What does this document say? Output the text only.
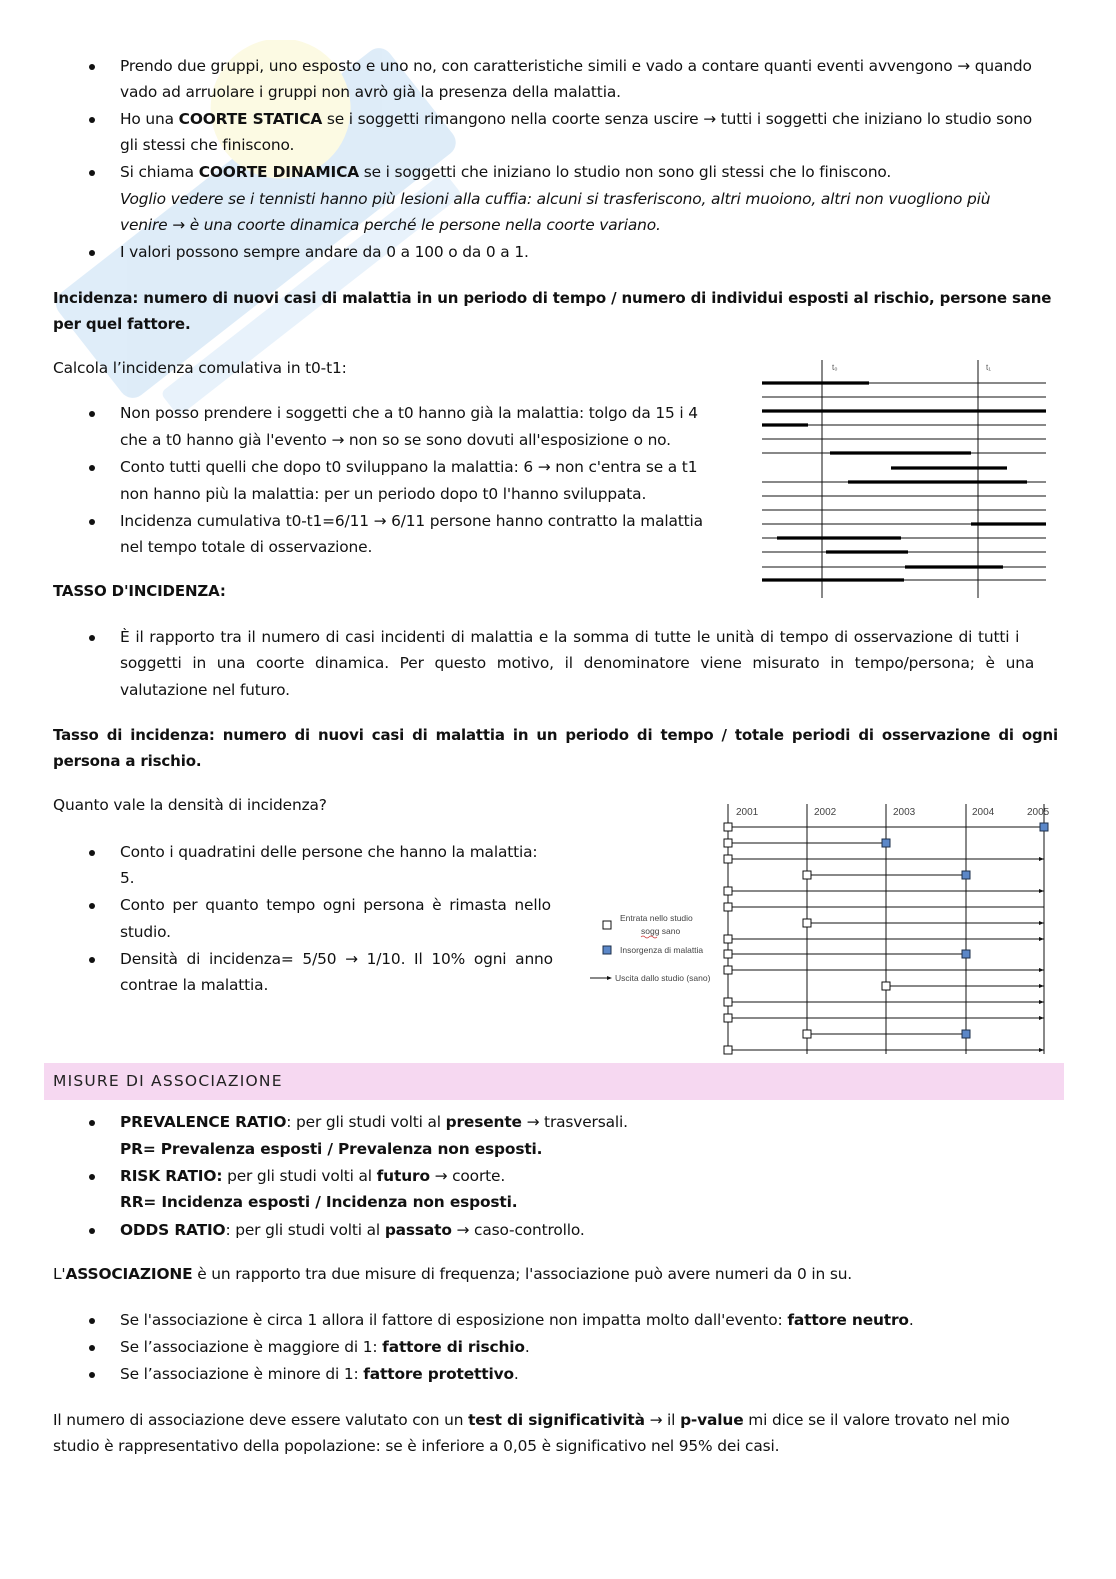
Prendo due gruppi, uno esposto e uno no, con caratteristiche simili e vado a contare quanti eventi avvengono → quando
vado ad arruolare i gruppi non avrò già la presenza della malattia.
Ho una COORTE STATICA se i soggetti rimangono nella coorte senza uscire → tutti i soggetti che iniziano lo studio sono
gli stessi che finiscono.
Si chiama COORTE DINAMICA se i soggetti che iniziano lo studio non sono gli stessi che lo finiscono.
Voglio vedere se i tennisti hanno più lesioni alla cuffia: alcuni si trasferiscono, altri muoiono, altri non vuogliono più
venire → è una coorte dinamica perché le persone nella coorte variano.
I valori possono sempre andare da 0 a 100 o da 0 a 1.
Incidenza: numero di nuovi casi di malattia in un periodo di tempo / numero di individui esposti al rischio, persone sane
per quel fattore.
Calcola l’incidenza comulativa in t0-t1:
Non posso prendere i soggetti che a t0 hanno già la malattia: tolgo da 15 i 4
che a t0 hanno già l'evento → non so se sono dovuti all'esposizione o no.
Conto tutti quelli che dopo t0 sviluppano la malattia: 6 → non c'entra se a t1
non hanno più la malattia: per un periodo dopo t0 l'hanno sviluppata.
Incidenza cumulativa t0-t1=6/11 → 6/11 persone hanno contratto la malattia
nel tempo totale di osservazione.
t₀	t₁
TASSO D'INCIDENZA:
È il rapporto tra il numero di casi incidenti di malattia e la somma di tutte le unità di tempo di osservazione di tutti i
soggetti in una coorte dinamica. Per questo motivo, il denominatore viene misurato in tempo/persona; è una
valutazione nel futuro.
Tasso di incidenza: numero di nuovi casi di malattia in un periodo di tempo / totale periodi di osservazione di ogni
persona a rischio.
Quanto vale la densità di incidenza?
Conto i quadratini delle persone che hanno la malattia:
5.
Conto per quanto tempo ogni persona è rimasta nello
studio.
Densità di incidenza= 5/50 → 1/10. Il 10% ogni anno
contrae la malattia.
2001	2002	2003	2004	2005
Entrata nello studio
sogg sano
Insorgenza di malattia
Uscita dallo studio (sano)
MISURE DI ASSOCIAZIONE
PREVALENCE RATIO: per gli studi volti al presente → trasversali.
PR= Prevalenza esposti / Prevalenza non esposti.
RISK RATIO: per gli studi volti al futuro → coorte.
RR= Incidenza esposti / Incidenza non esposti.
ODDS RATIO: per gli studi volti al passato → caso-controllo.
L'ASSOCIAZIONE è un rapporto tra due misure di frequenza; l'associazione può avere numeri da 0 in su.
Se l'associazione è circa 1 allora il fattore di esposizione non impatta molto dall'evento: fattore neutro.
Se l’associazione è maggiore di 1: fattore di rischio.
Se l’associazione è minore di 1: fattore protettivo.
Il numero di associazione deve essere valutato con un test di significatività → il p-value mi dice se il valore trovato nel mio
studio è rappresentativo della popolazione: se è inferiore a 0,05 è significativo nel 95% dei casi.
